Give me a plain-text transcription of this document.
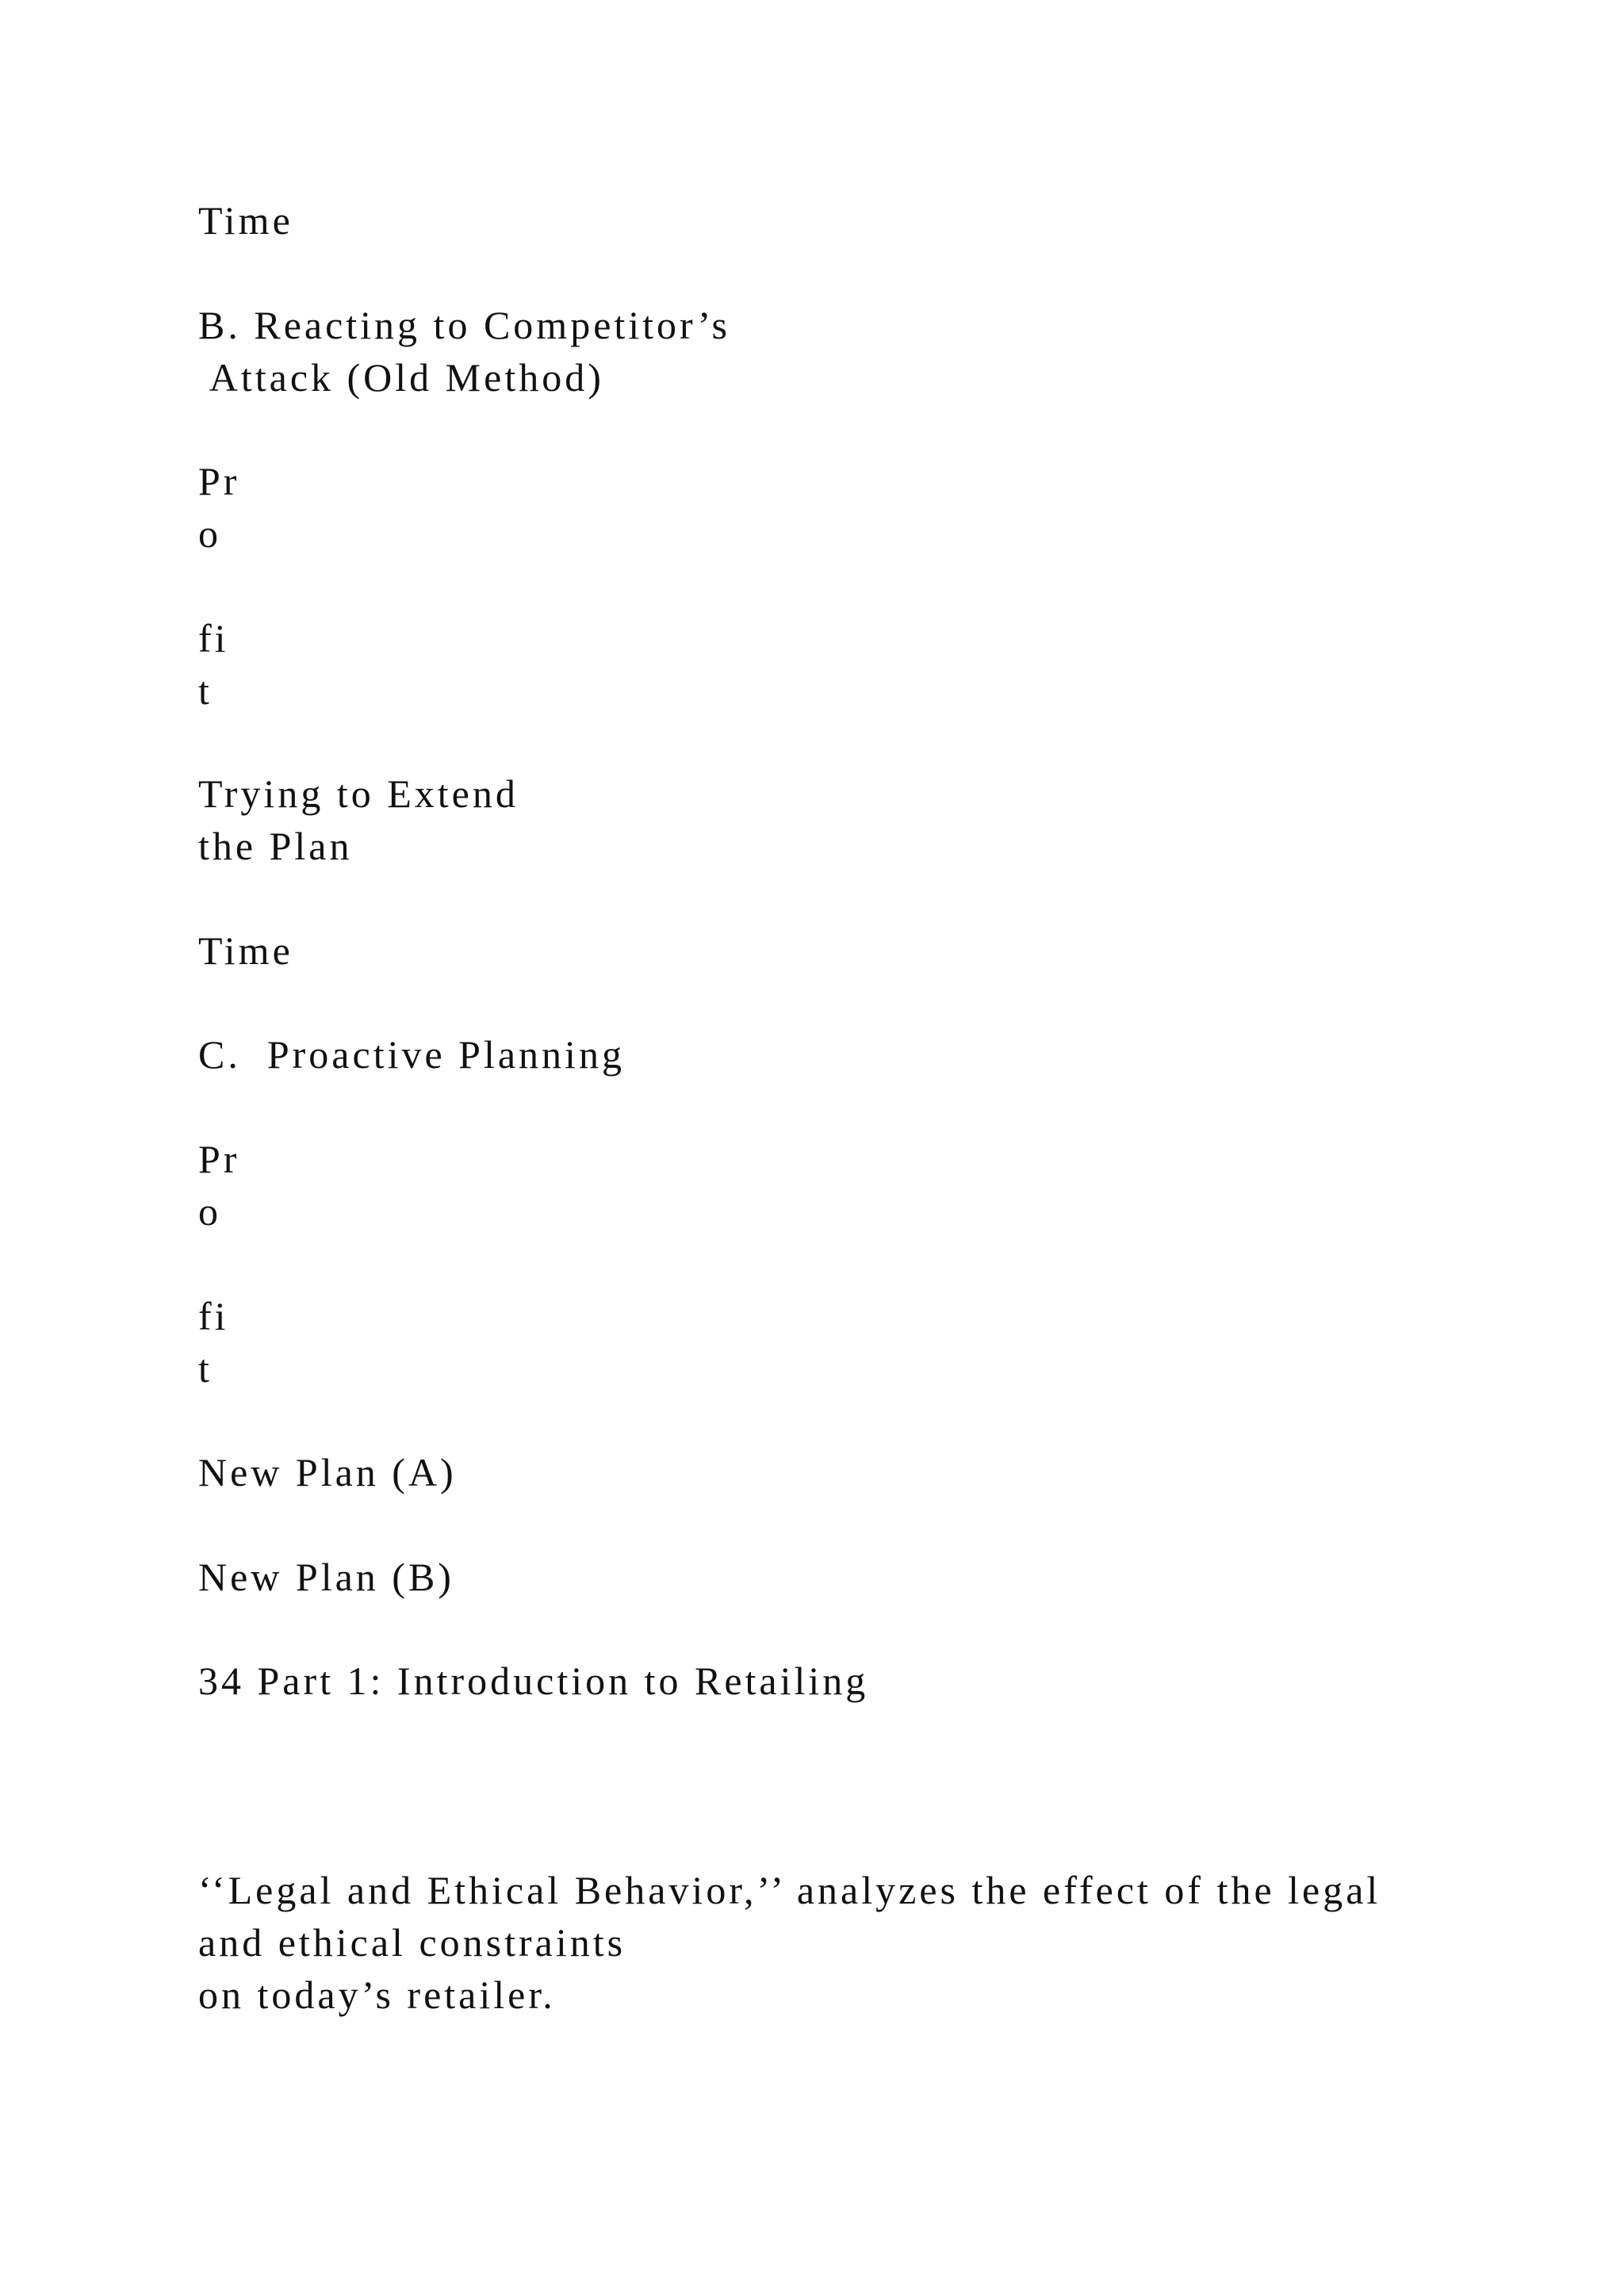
Time

B. Reacting to Competitor’s

Attack (Old Method)

Pr

o

fi

t

Trying to Extend

the Plan

Time

C.  Proactive Planning

Pr

o

fi

t

New Plan (A)

New Plan (B)

34 Part 1: Introduction to Retailing

‘‘Legal and Ethical Behavior,’’ analyzes the effect of the legal

and ethical constraints

on today’s retailer.
